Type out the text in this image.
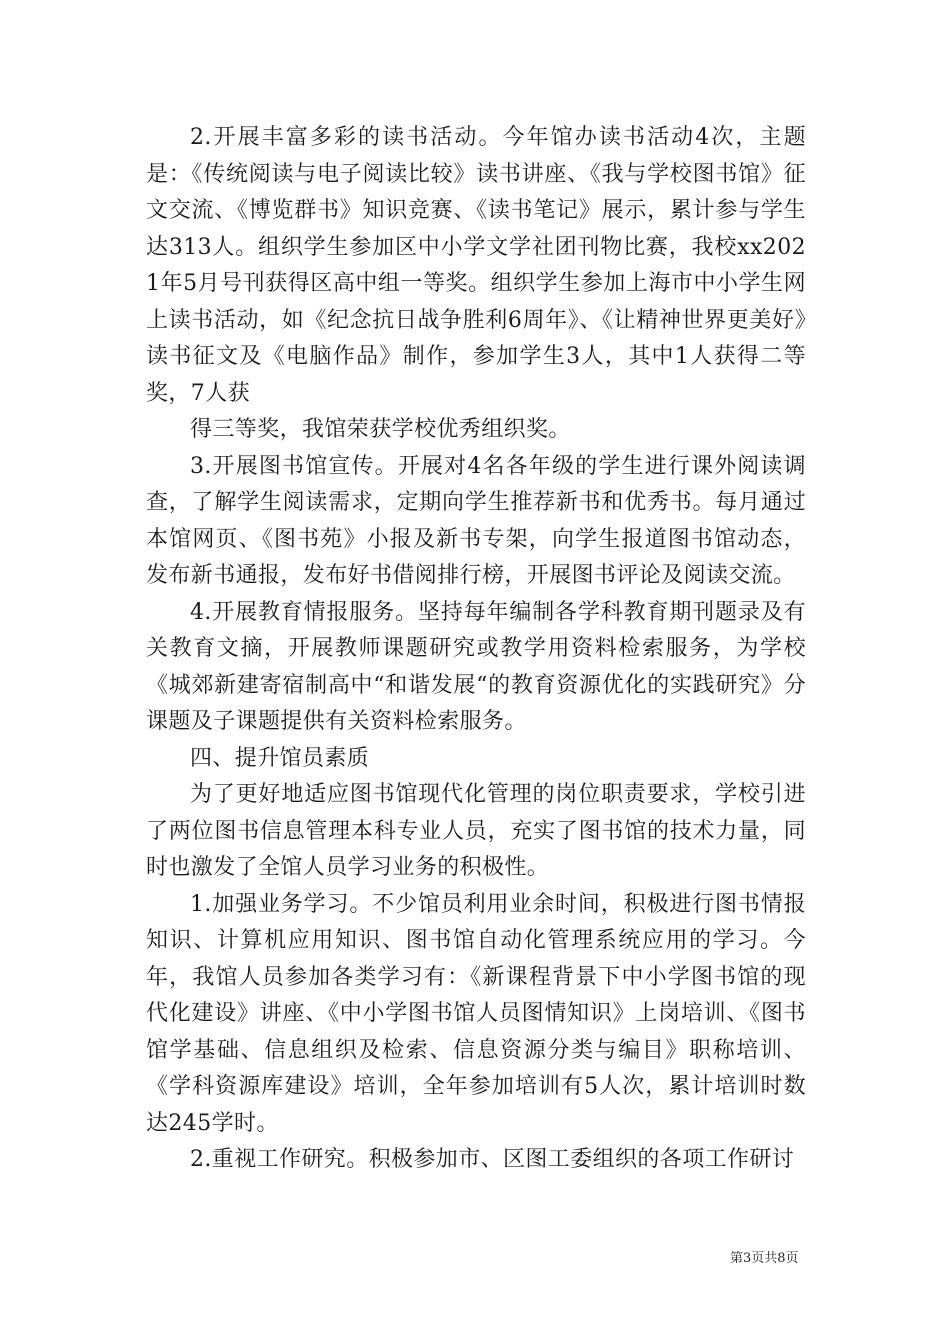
2.开展丰富多彩的读书活动。今年馆办读书活动4次，主题是：《传统阅读与电子阅读比较》读书讲座、《我与学校图书馆》征文交流、《博览群书》知识竞赛、《读书笔记》展示，累计参与学生达313人。组织学生参加区中小学文学社团刊物比赛，我校xx2021年5月号刊获得区高中组一等奖。组织学生参加上海市中小学生网上读书活动，如《纪念抗日战争胜利6周年》、《让精神世界更美好》读书征文及《电脑作品》制作，参加学生3人，其中1人获得二等奖，7人获

得三等奖，我馆荣获学校优秀组织奖。

3.开展图书馆宣传。开展对4名各年级的学生进行课外阅读调查，了解学生阅读需求，定期向学生推荐新书和优秀书。每月通过本馆网页、《图书苑》小报及新书专架，向学生报道图书馆动态，发布新书通报，发布好书借阅排行榜，开展图书评论及阅读交流。

4.开展教育情报服务。坚持每年编制各学科教育期刊题录及有关教育文摘，开展教师课题研究或教学用资料检索服务，为学校《城郊新建寄宿制高中“和谐发展“的教育资源优化的实践研究》分课题及子课题提供有关资料检索服务。

四、提升馆员素质

为了更好地适应图书馆现代化管理的岗位职责要求，学校引进了两位图书信息管理本科专业人员，充实了图书馆的技术力量，同时也激发了全馆人员学习业务的积极性。

1.加强业务学习。不少馆员利用业余时间，积极进行图书情报知识、计算机应用知识、图书馆自动化管理系统应用的学习。今年，我馆人员参加各类学习有：《新课程背景下中小学图书馆的现代化建设》讲座、《中小学图书馆人员图情知识》上岗培训、《图书馆学基础、信息组织及检索、信息资源分类与编目》职称培训、《学科资源库建设》培训，全年参加培训有5人次，累计培训时数达245学时。

2.重视工作研究。积极参加市、区图工委组织的各项工作研讨

第3页共8页
